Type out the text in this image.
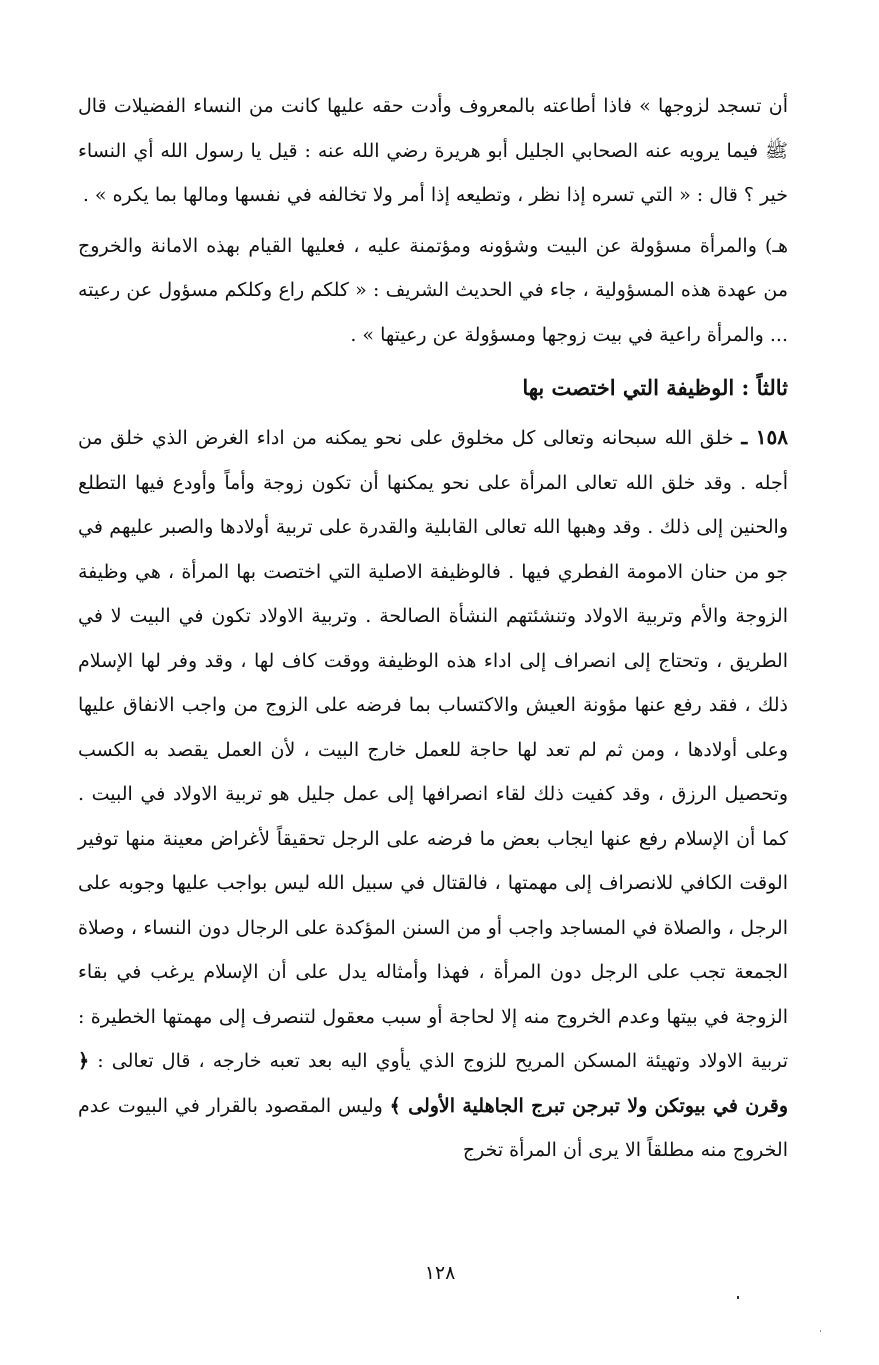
أن تسجد لزوجها » فاذا أطاعته بالمعروف وأدت حقه عليها كانت من النساء الفضيلات قال ﷺ فيما يرويه عنه الصحابي الجليل أبو هريرة رضي الله عنه : قيل يا رسول الله أي النساء خير ؟ قال : « التي تسره إذا نظر ، وتطيعه إذا أمر ولا تخالفه في نفسها ومالها بما يكره » .

هـ) والمرأة مسؤولة عن البيت وشؤونه ومؤتمنة عليه ، فعليها القيام بهذه الامانة والخروج من عهدة هذه المسؤولية ، جاء في الحديث الشريف : « كلكم راع وكلكم مسؤول عن رعيته ... والمرأة راعية في بيت زوجها ومسؤولة عن رعيتها » .

ثالثاً : الوظيفة التي اختصت بها

١٥٨ ـ خلق الله سبحانه وتعالى كل مخلوق على نحو يمكنه من اداء الغرض الذي خلق من أجله . وقد خلق الله تعالى المرأة على نحو يمكنها أن تكون زوجة وأماً وأودع فيها التطلع والحنين إلى ذلك . وقد وهبها الله تعالى القابلية والقدرة على تربية أولادها والصبر عليهم في جو من حنان الامومة الفطري فيها . فالوظيفة الاصلية التي اختصت بها المرأة ، هي وظيفة الزوجة والأم وتربية الاولاد وتنشئتهم النشأة الصالحة . وتربية الاولاد تكون في البيت لا في الطريق ، وتحتاج إلى انصراف إلى اداء هذه الوظيفة ووقت كاف لها ، وقد وفر لها الإسلام ذلك ، فقد رفع عنها مؤونة العيش والاكتساب بما فرضه على الزوج من واجب الانفاق عليها وعلى أولادها ، ومن ثم لم تعد لها حاجة للعمل خارج البيت ، لأن العمل يقصد به الكسب وتحصيل الرزق ، وقد كفيت ذلك لقاء انصرافها إلى عمل جليل هو تربية الاولاد في البيت . كما أن الإسلام رفع عنها ايجاب بعض ما فرضه على الرجل تحقيقاً لأغراض معينة منها توفير الوقت الكافي للانصراف إلى مهمتها ، فالقتال في سبيل الله ليس بواجب عليها وجوبه على الرجل ، والصلاة في المساجد واجب أو من السنن المؤكدة على الرجال دون النساء ، وصلاة الجمعة تجب على الرجل دون المرأة ، فهذا وأمثاله يدل على أن الإسلام يرغب في بقاء الزوجة في بيتها وعدم الخروج منه إلا لحاجة أو سبب معقول لتنصرف إلى مهمتها الخطيرة : تربية الاولاد وتهيئة المسكن المريح للزوج الذي يأوي اليه بعد تعبه خارجه ، قال تعالى : ﴿ وقرن في بيوتكن ولا تبرجن تبرج الجاهلية الأولى ﴾ وليس المقصود بالقرار في البيوت عدم الخروج منه مطلقاً الا يرى أن المرأة تخرج

١٢٨
